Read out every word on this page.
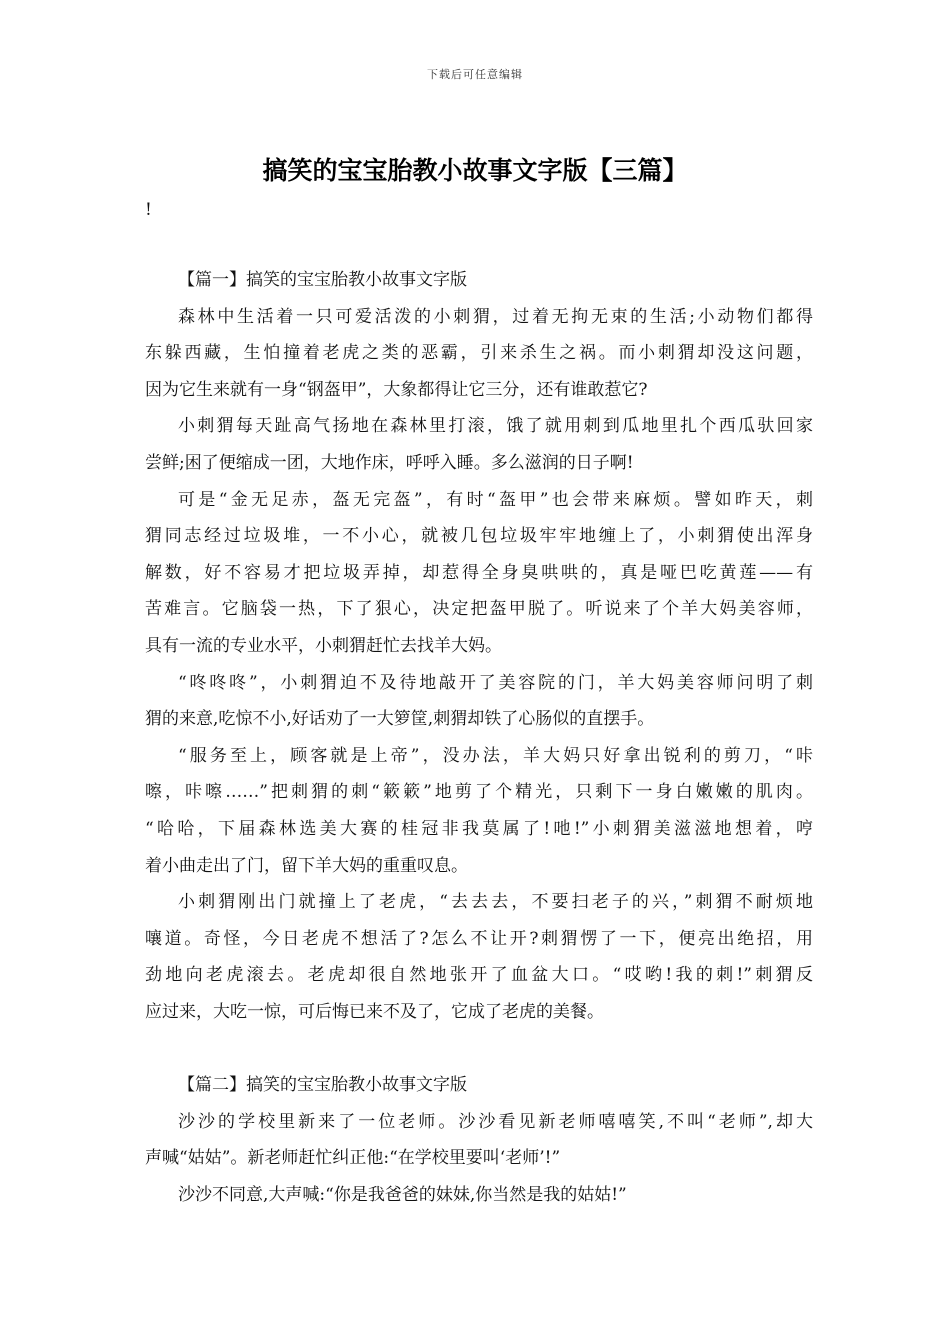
下载后可任意编辑
搞笑的宝宝胎教小故事文字版【三篇】
!
【篇一】搞笑的宝宝胎教小故事文字版
森林中生活着一只可爱活泼的小刺猬，过着无拘无束的生活;小动物们都得
东躲西藏，生怕撞着老虎之类的恶霸，引来杀生之祸。而小刺猬却没这问题，
因为它生来就有一身“钢盔甲”，大象都得让它三分，还有谁敢惹它?
小刺猬每天趾高气扬地在森林里打滚，饿了就用刺到瓜地里扎个西瓜驮回家
尝鲜;困了便缩成一团，大地作床，呼呼入睡。多么滋润的日子啊!
可是“金无足赤，盔无完盔”，有时“盔甲”也会带来麻烦。譬如昨天，刺
猬同志经过垃圾堆，一不小心，就被几包垃圾牢牢地缠上了，小刺猬使出浑身
解数，好不容易才把垃圾弄掉，却惹得全身臭哄哄的，真是哑巴吃黄莲——有
苦难言。它脑袋一热，下了狠心，决定把盔甲脱了。听说来了个羊大妈美容师，
具有一流的专业水平，小刺猬赶忙去找羊大妈。
“咚咚咚”，小刺猬迫不及待地敲开了美容院的门，羊大妈美容师问明了刺
猬的来意,吃惊不小,好话劝了一大箩筐,刺猬却铁了心肠似的直摆手。
“服务至上，顾客就是上帝”，没办法，羊大妈只好拿出锐利的剪刀，“咔
嚓，咔嚓……”把刺猬的刺“簌簌”地剪了个精光，只剩下一身白嫩嫩的肌肉。
“哈哈，下届森林选美大赛的桂冠非我莫属了!吔!”小刺猬美滋滋地想着，哼
着小曲走出了门，留下羊大妈的重重叹息。
小刺猬刚出门就撞上了老虎，“去去去，不要扫老子的兴，”刺猬不耐烦地
嚷道。奇怪，今日老虎不想活了?怎么不让开?刺猬愣了一下，便亮出绝招，用
劲地向老虎滚去。老虎却很自然地张开了血盆大口。“哎哟!我的刺!”刺猬反
应过来，大吃一惊，可后悔已来不及了，它成了老虎的美餐。
【篇二】搞笑的宝宝胎教小故事文字版
沙沙的学校里新来了一位老师。沙沙看见新老师嘻嘻笑,不叫“老师”,却大
声喊“姑姑”。新老师赶忙纠正他:“在学校里要叫‘老师’!”
沙沙不同意,大声喊:“你是我爸爸的妹妹,你当然是我的姑姑!”
